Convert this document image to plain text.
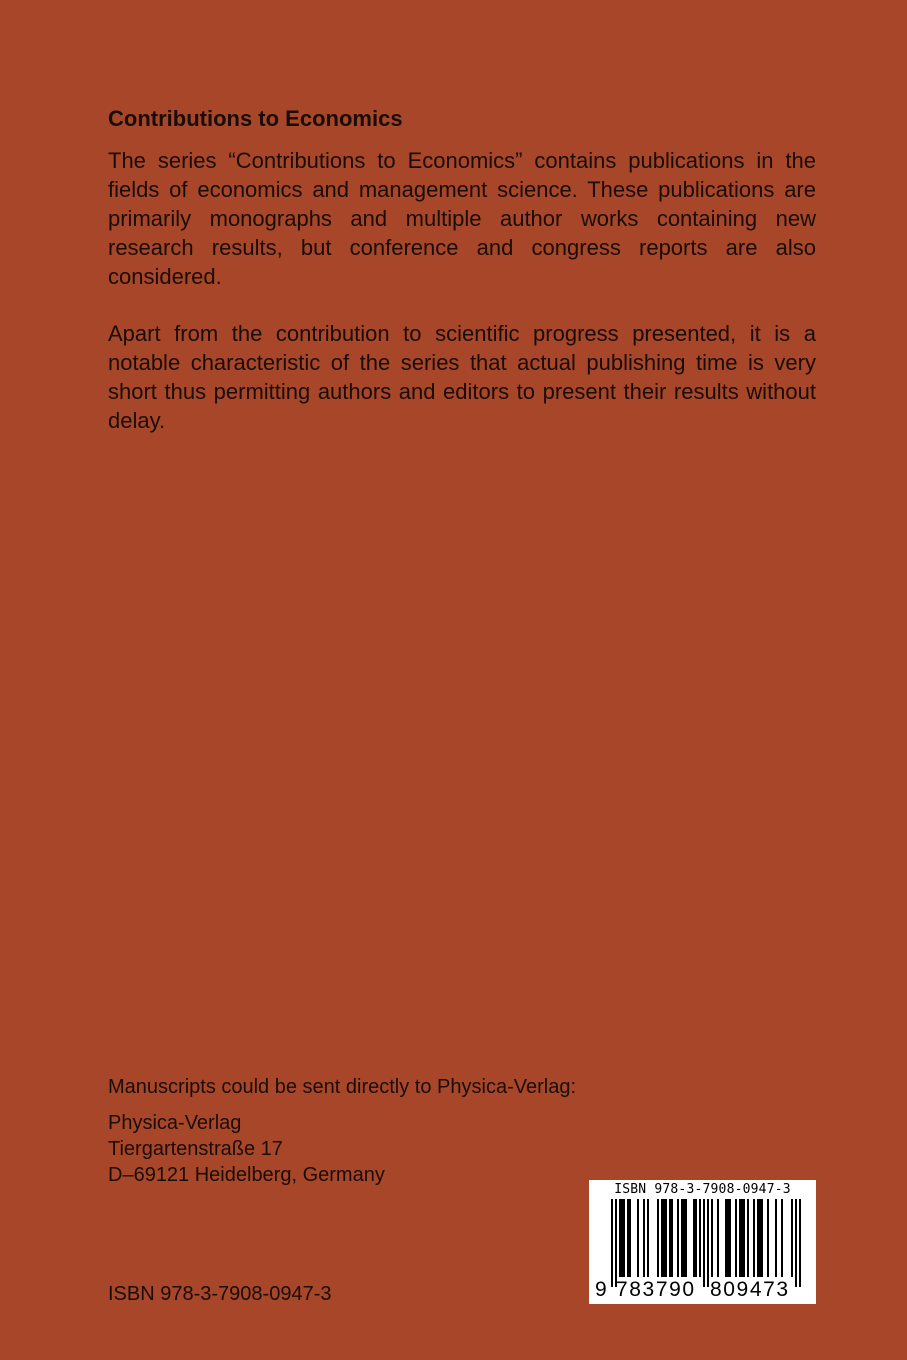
Contributions to Economics

The series “Contributions to Economics” contains publications in the fields of economics and management science. These publications are primarily monographs and multiple author works containing new research results, but conference and congress reports are also considered.

Apart from the contribution to scientific progress presented, it is a notable characteristic of the series that actual publishing time is very short thus permitting authors and editors to present their results without delay.

Manuscripts could be sent directly to Physica-Verlag:

Physica-Verlag
Tiergartenstraße 17
D–69121 Heidelberg, Germany

ISBN 978-3-7908-0947-3

ISBN 978-3-7908-0947-3
9 783790 809473
